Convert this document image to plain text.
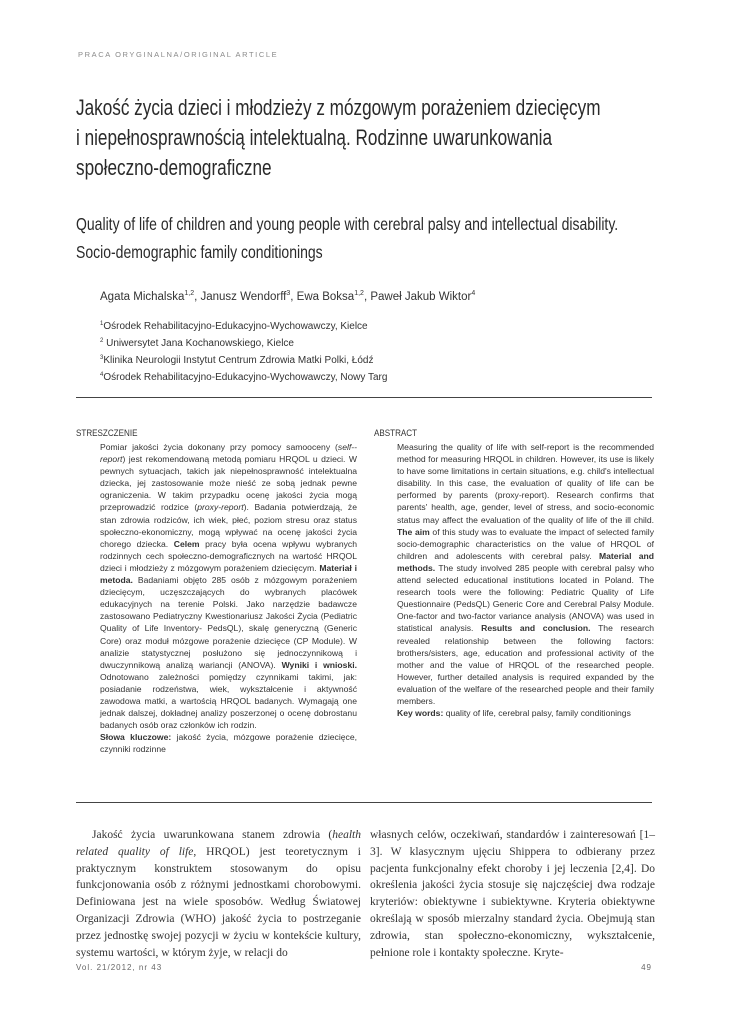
PRACA ORYGINALNA/ORIGINAL ARTICLE
Jakość życia dzieci i młodzieży z mózgowym porażeniem dziecięcym
i niepełnosprawnością intelektualną. Rodzinne uwarunkowania
społeczno-demograficzne
Quality of life of children and young people with cerebral palsy and intellectual disability.
Socio-demographic family conditionings
Agata Michalska$^{1,2}$, Janusz Wendorff$^3$, Ewa Boksa$^{1,2}$, Paweł Jakub Wiktor$^4$
$^1$Ośrodek Rehabilitacyjno-Edukacyjno-Wychowawczy, Kielce
$^2$ Uniwersytet Jana Kochanowskiego, Kielce
$^3$Klinika Neurologii Instytut Centrum Zdrowia Matki Polki, Łódź
$^4$Ośrodek Rehabilitacyjno-Edukacyjno-Wychowawczy, Nowy Targ
STRESZCZENIE	ABSTRACT

Pomiar jakości życia dokonany przy pomocy samooceny (self--report) jest rekomendowaną metodą pomiaru HRQOL u dzieci. W pewnych sytuacjach, takich jak niepełnosprawność intelektualna dziecka, jej zastosowanie może nieść ze sobą jednak pewne ograniczenia. W takim przypadku ocenę jakości życia mogą przeprowadzić rodzice (proxy-report). Badania potwierdzają, że stan zdrowia rodziców, ich wiek, płeć, poziom stresu oraz status społeczno-ekonomiczny, mogą wpływać na ocenę jakości życia chorego dziecka. Celem pracy była ocena wpływu wybranych rodzinnych cech społeczno-demograficznych na wartość HRQOL dzieci i młodzieży z mózgowym porażeniem dziecięcym. Materiał i metoda. Badaniami objęto 285 osób z mózgowym porażeniem dziecięcym, uczęszczających do wybranych placówek edukacyjnych na terenie Polski. Jako narzędzie badawcze zastosowano Pediatryczny Kwestionariusz Jakości Życia (Pediatric Quality of Life Inventory- PedsQL), skalę generyczną (Generic Core) oraz moduł mózgowe porażenie dziecięce (CP Module). W analizie statystycznej posłużono się jednoczynnikową i dwuczynnikową analizą wariancji (ANOVA). Wyniki i wnioski. Odnotowano zależności pomiędzy czynnikami takimi, jak: posiadanie rodzeństwa, wiek, wykształcenie i aktywność zawodowa matki, a wartością HRQOL badanych. Wymagają one jednak dalszej, dokładnej analizy poszerzonej o ocenę dobrostanu badanych osób oraz członków ich rodzin.

Słowa kluczowe: jakość życia, mózgowe porażenie dziecięce, czynniki rodzinne

Measuring the quality of life with self-report is the recommended method for measuring HRQOL in children. However, its use is likely to have some limitations in certain situations, e.g. child's intellectual disability. In this case, the evaluation of quality of life can be performed by parents (proxy-report). Research confirms that parents' health, age, gender, level of stress, and socio-economic status may affect the evaluation of the quality of life of the ill child. The aim of this study was to evaluate the impact of selected family socio-demographic characteristics on the value of HRQOL of children and adolescents with cerebral palsy. Material and methods. The study involved 285 people with cerebral palsy who attend selected educational institutions located in Poland. The research tools were the following: Pediatric Quality of Life Questionnaire (PedsQL) Generic Core and Cerebral Palsy Module. One-factor and two-factor variance analysis (ANOVA) was used in statistical analysis. Results and conclusion. The research revealed relationship between the following factors: brothers/sisters, age, education and professional activity of the mother and the value of HRQOL of the researched people. However, further detailed analysis is required expanded by the evaluation of the welfare of the researched people and their family members.

Key words: quality of life, cerebral palsy, family conditionings

Jakość życia uwarunkowana stanem zdrowia (health related quality of life, HRQOL) jest teoretycznym i praktycznym konstruktem stosowanym do opisu funkcjonowania osób z różnymi jednostkami chorobowymi. Definiowana jest na wiele sposobów. Według Światowej Organizacji Zdrowia (WHO) jakość życia to postrzeganie przez jednostkę swojej pozycji w życiu w kontekście kultury, systemu wartości, w którym żyje, w relacji do

własnych celów, oczekiwań, standardów i zainteresowań [1–3]. W klasycznym ujęciu Shippera to odbierany przez pacjenta funkcjonalny efekt choroby i jej leczenia [2,4]. Do określenia jakości życia stosuje się najczęściej dwa rodzaje kryteriów: obiektywne i subiektywne. Kryteria obiektywne określają w sposób mierzalny standard życia. Obejmują stan zdrowia, stan społeczno-ekonomiczny, wykształcenie, pełnione role i kontakty społeczne. Kryte-

Vol. 21/2012, nr 43	49
